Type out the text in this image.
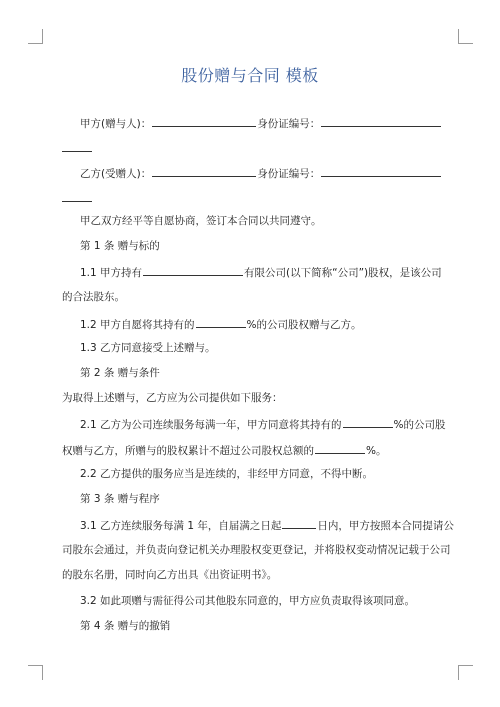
股份赠与合同 模板
甲方(赠与人)：	身份证编号：
乙方(受赠人)：	身份证编号：
甲乙双方经平等自愿协商，签订本合同以共同遵守。
第 1 条 赠与标的
1.1 甲方持有	有限公司(以下简称“公司”)股权，是该公司
的合法股东。
1.2 甲方自愿将其持有的	%的公司股权赠与乙方。
1.3 乙方同意接受上述赠与。
第 2 条 赠与条件
为取得上述赠与，乙方应为公司提供如下服务：
2.1 乙方为公司连续服务每满一年，甲方同意将其持有的	%的公司股
权赠与乙方，所赠与的股权累计不超过公司股权总额的	%。
2.2 乙方提供的服务应当是连续的，非经甲方同意，不得中断。
第 3 条 赠与程序
3.1 乙方连续服务每满 1 年，自届满之日起	日内，甲方按照本合同提请公
司股东会通过，并负责向登记机关办理股权变更登记，并将股权变动情况记载于公司
的股东名册，同时向乙方出具《出资证明书》。
3.2 如此项赠与需征得公司其他股东同意的，甲方应负责取得该项同意。
第 4 条 赠与的撤销
